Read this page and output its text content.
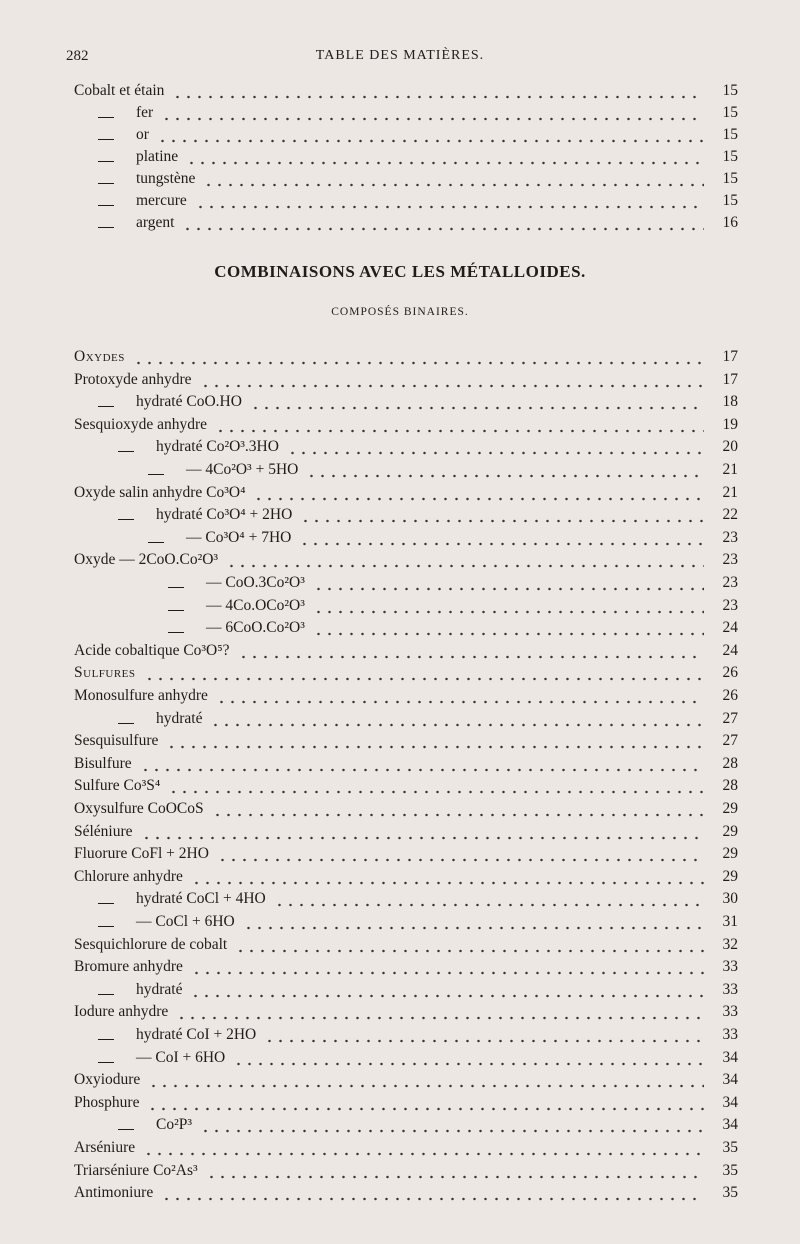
282	TABLE DES MATIÈRES.
Cobalt et étain	15
fer	15
or	15
platine	15
tungstène	15
mercure	15
argent	16
COMBINAISONS AVEC LES MÉTALLOIDES.
COMPOSÉS BINAIRES.
Oxydes	17
Protoxyde anhydre	17
hydraté CoO.HO	18
Sesquioxyde anhydre	19
hydraté Co²O³.3HO	20
— 4Co²O³ + 5HO	21
Oxyde salin anhydre Co³O⁴	21
hydraté Co³O⁴ + 2HO	22
— Co³O⁴ + 7HO	23
Oxyde — 2CoO.Co²O³	23
— CoO.3Co²O³	23
— 4Co.OCo²O³	23
— 6CoO.Co²O³	24
Acide cobaltique Co³O⁵?	24
Sulfures	26
Monosulfure anhydre	26
hydraté	27
Sesquisulfure	27
Bisulfure	28
Sulfure Co³S⁴	28
Oxysulfure CoOCoS	29
Séléniure	29
Fluorure CoFl + 2HO	29
Chlorure anhydre	29
hydraté CoCl + 4HO	30
— CoCl + 6HO	31
Sesquichlorure de cobalt	32
Bromure anhydre	33
hydraté	33
Iodure anhydre	33
hydraté CoI + 2HO	33
— CoI + 6HO	34
Oxyiodure	34
Phosphure	34
Co²P³	34
Arséniure	35
Triarséniure Co²As³	35
Antimoniure	35
